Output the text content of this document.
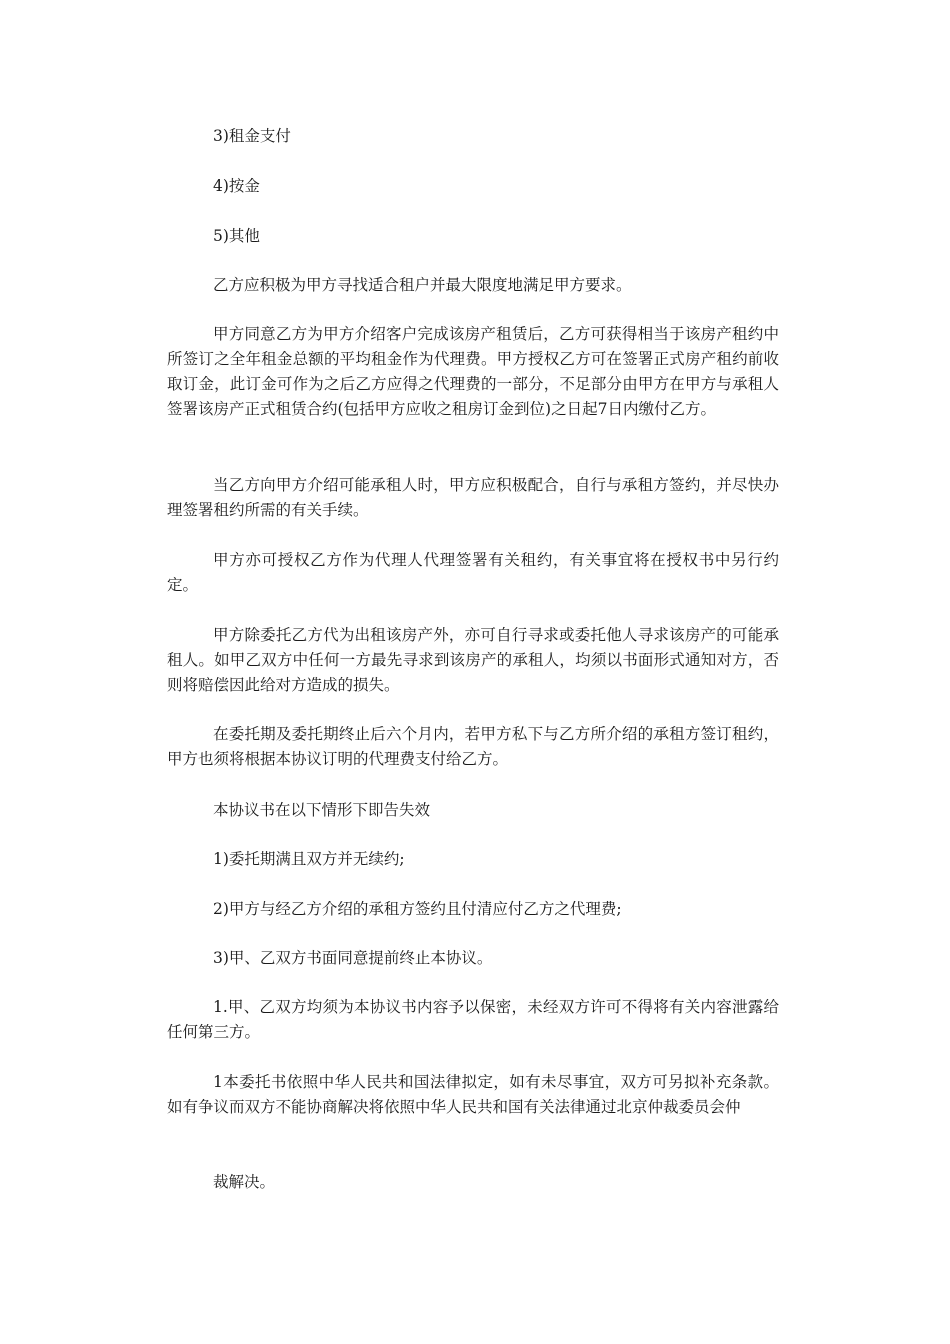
3)租金支付

4)按金

5)其他

乙方应积极为甲方寻找适合租户并最大限度地满足甲方要求。

甲方同意乙方为甲方介绍客户完成该房产租赁后，乙方可获得相当于该房产租约中所签订之全年租金总额的平均租金作为代理费。甲方授权乙方可在签署正式房产租约前收取订金，此订金可作为之后乙方应得之代理费的一部分，不足部分由甲方在甲方与承租人签署该房产正式租赁合约(包括甲方应收之租房订金到位)之日起7日内缴付乙方。

当乙方向甲方介绍可能承租人时，甲方应积极配合，自行与承租方签约，并尽快办理签署租约所需的有关手续。

甲方亦可授权乙方作为代理人代理签署有关租约，有关事宜将在授权书中另行约定。

甲方除委托乙方代为出租该房产外，亦可自行寻求或委托他人寻求该房产的可能承租人。如甲乙双方中任何一方最先寻求到该房产的承租人，均须以书面形式通知对方，否则将赔偿因此给对方造成的损失。

在委托期及委托期终止后六个月内，若甲方私下与乙方所介绍的承租方签订租约，甲方也须将根据本协议订明的代理费支付给乙方。

本协议书在以下情形下即告失效

1)委托期满且双方并无续约;

2)甲方与经乙方介绍的承租方签约且付清应付乙方之代理费;

3)甲、乙双方书面同意提前终止本协议。

1.甲、乙双方均须为本协议书内容予以保密，未经双方许可不得将有关内容泄露给任何第三方。

1本委托书依照中华人民共和国法律拟定，如有未尽事宜，双方可另拟补充条款。如有争议而双方不能协商解决将依照中华人民共和国有关法律通过北京仲裁委员会仲

裁解决。
